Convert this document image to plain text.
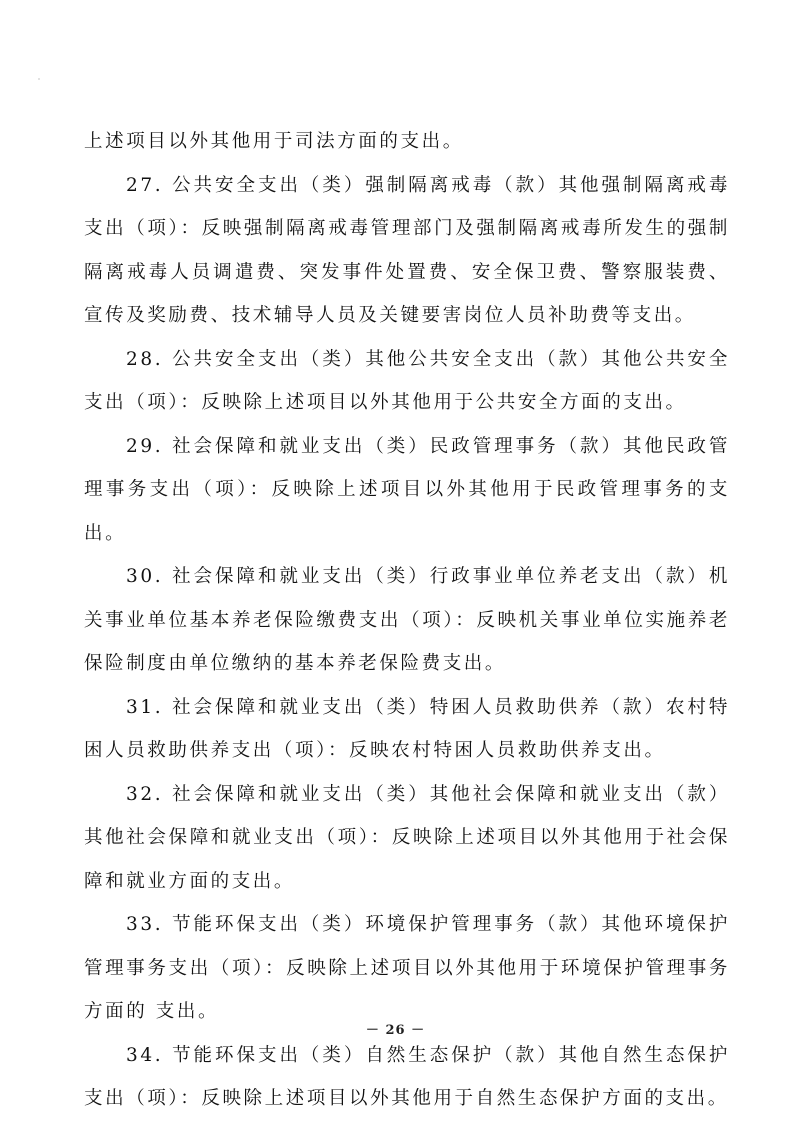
上述项目以外其他用于司法方面的支出。

27. 公共安全支出（类）强制隔离戒毒（款）其他强制隔离戒毒支出（项）：反映强制隔离戒毒管理部门及强制隔离戒毒所发生的强制隔离戒毒人员调遣费、突发事件处置费、安全保卫费、警察服装费、宣传及奖励费、技术辅导人员及关键要害岗位人员补助费等支出。

28. 公共安全支出（类）其他公共安全支出（款）其他公共安全支出（项）：反映除上述项目以外其他用于公共安全方面的支出。

29. 社会保障和就业支出（类）民政管理事务（款）其他民政管理事务支出（项）：反映除上述项目以外其他用于民政管理事务的支出。

30. 社会保障和就业支出（类）行政事业单位养老支出（款）机关事业单位基本养老保险缴费支出（项）：反映机关事业单位实施养老保险制度由单位缴纳的基本养老保险费支出。

31. 社会保障和就业支出（类）特困人员救助供养（款）农村特困人员救助供养支出（项）：反映农村特困人员救助供养支出。

32. 社会保障和就业支出（类）其他社会保障和就业支出（款）其他社会保障和就业支出（项）：反映除上述项目以外其他用于社会保障和就业方面的支出。

33. 节能环保支出（类）环境保护管理事务（款）其他环境保护管理事务支出（项）：反映除上述项目以外其他用于环境保护管理事务方面的 支出。

34. 节能环保支出（类）自然生态保护（款）其他自然生态保护支出（项）：反映除上述项目以外其他用于自然生态保护方面的支出。

－ 26 －
